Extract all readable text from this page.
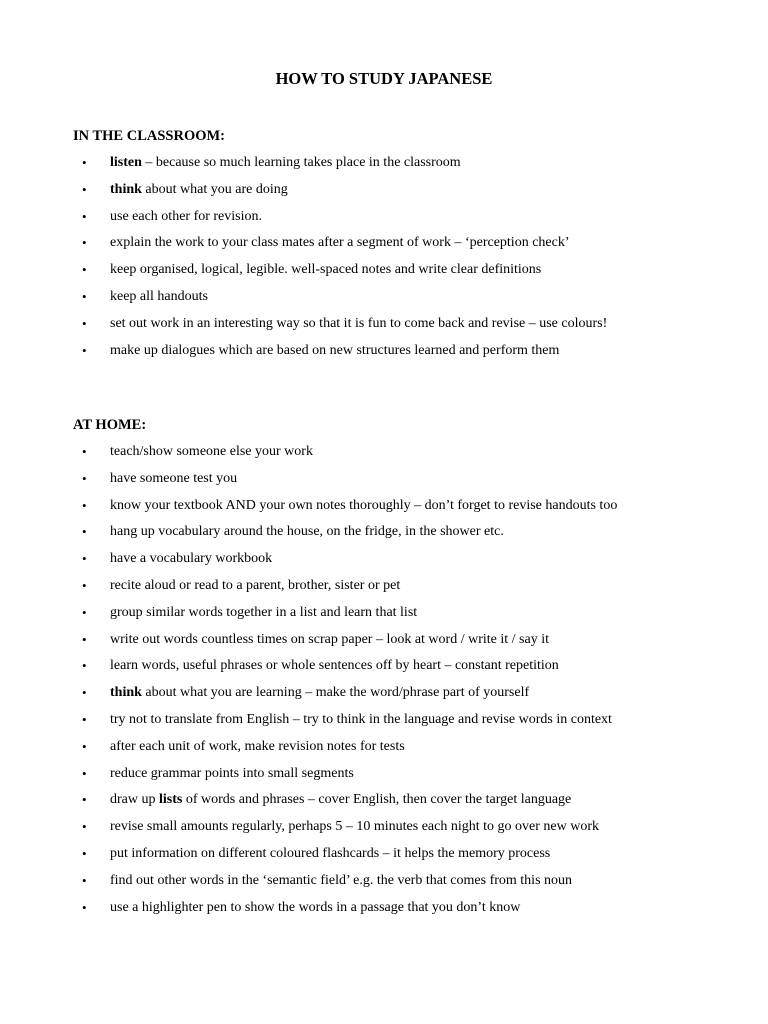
HOW TO STUDY JAPANESE
IN THE CLASSROOM:
• listen – because so much learning takes place in the classroom
• think about what you are doing
• use each other for revision.
• explain the work to your class mates after a segment of work – ‘perception check’
• keep organised, logical, legible. well-spaced notes and write clear definitions
• keep all handouts
• set out work in an interesting way so that it is fun to come back and revise – use colours!
• make up dialogues which are based on new structures learned and perform them
AT HOME:
• teach/show someone else your work
• have someone test you
• know your textbook AND your own notes thoroughly – don’t forget to revise handouts too
• hang up vocabulary around the house, on the fridge, in the shower etc.
• have a vocabulary workbook
• recite aloud or read to a parent, brother, sister or pet
• group similar words together in a list and learn that list
• write out words countless times on scrap paper – look at word / write it / say it
• learn words, useful phrases or whole sentences off by heart – constant repetition
• think about what you are learning – make the word/phrase part of yourself
• try not to translate from English – try to think in the language and revise words in context
• after each unit of work, make revision notes for tests
• reduce grammar points into small segments
• draw up lists of words and phrases – cover English, then cover the target language
• revise small amounts regularly, perhaps 5 – 10 minutes each night to go over new work
• put information on different coloured flashcards – it helps the memory process
• find out other words in the ‘semantic field’ e.g. the verb that comes from this noun
• use a highlighter pen to show the words in a passage that you don’t know
